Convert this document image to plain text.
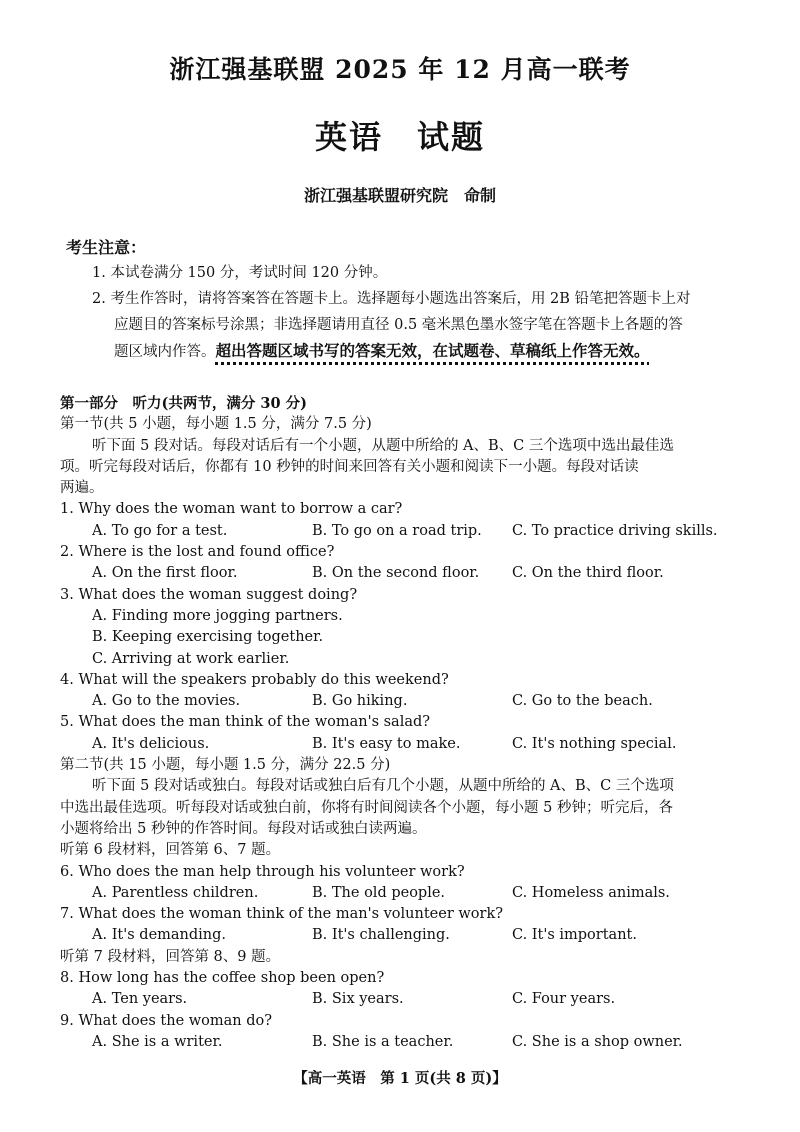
浙江强基联盟 2025 年 12 月高一联考
英语　试题
浙江强基联盟研究院　命制
考生注意：
1. 本试卷满分 150 分，考试时间 120 分钟。
2. 考生作答时，请将答案答在答题卡上。选择题每小题选出答案后，用 2B 铅笔把答题卡上对
应题目的答案标号涂黑；非选择题请用直径 0.5 毫米黑色墨水签字笔在答题卡上各题的答
题区域内作答。超出答题区域书写的答案无效，在试题卷、草稿纸上作答无效。
第一部分　听力(共两节，满分 30 分)
第一节(共 5 小题，每小题 1.5 分，满分 7.5 分)
听下面 5 段对话。每段对话后有一个小题，从题中所给的 A、B、C 三个选项中选出最佳选
项。听完每段对话后，你都有 10 秒钟的时间来回答有关小题和阅读下一小题。每段对话读
两遍。
1. Why does the woman want to borrow a car?
A. To go for a test.	B. To go on a road trip. C. To practice driving skills.
2. Where is the lost and found office?
A. On the first floor.	B. On the second floor. C. On the third floor.
3. What does the woman suggest doing?
A. Finding more jogging partners.
B. Keeping exercising together.
C. Arriving at work earlier.
4. What will the speakers probably do this weekend?
A. Go to the movies.	B. Go hiking.	C. Go to the beach.
5. What does the man think of the woman's salad?
A. It's delicious.	B. It's easy to make.	C. It's nothing special.
第二节(共 15 小题，每小题 1.5 分，满分 22.5 分)
听下面 5 段对话或独白。每段对话或独白后有几个小题，从题中所给的 A、B、C 三个选项
中选出最佳选项。听每段对话或独白前，你将有时间阅读各个小题，每小题 5 秒钟；听完后，各
小题将给出 5 秒钟的作答时间。每段对话或独白读两遍。
听第 6 段材料，回答第 6、7 题。
6. Who does the man help through his volunteer work?
A. Parentless children.	B. The old people.	C. Homeless animals.
7. What does the woman think of the man's volunteer work?
A. It's demanding.	B. It's challenging.	C. It's important.
听第 7 段材料，回答第 8、9 题。
8. How long has the coffee shop been open?
A. Ten years.	B. Six years.	C. Four years.
9. What does the woman do?
A. She is a writer.	B. She is a teacher.	C. She is a shop owner.
【高一英语　第 1 页(共 8 页)】
